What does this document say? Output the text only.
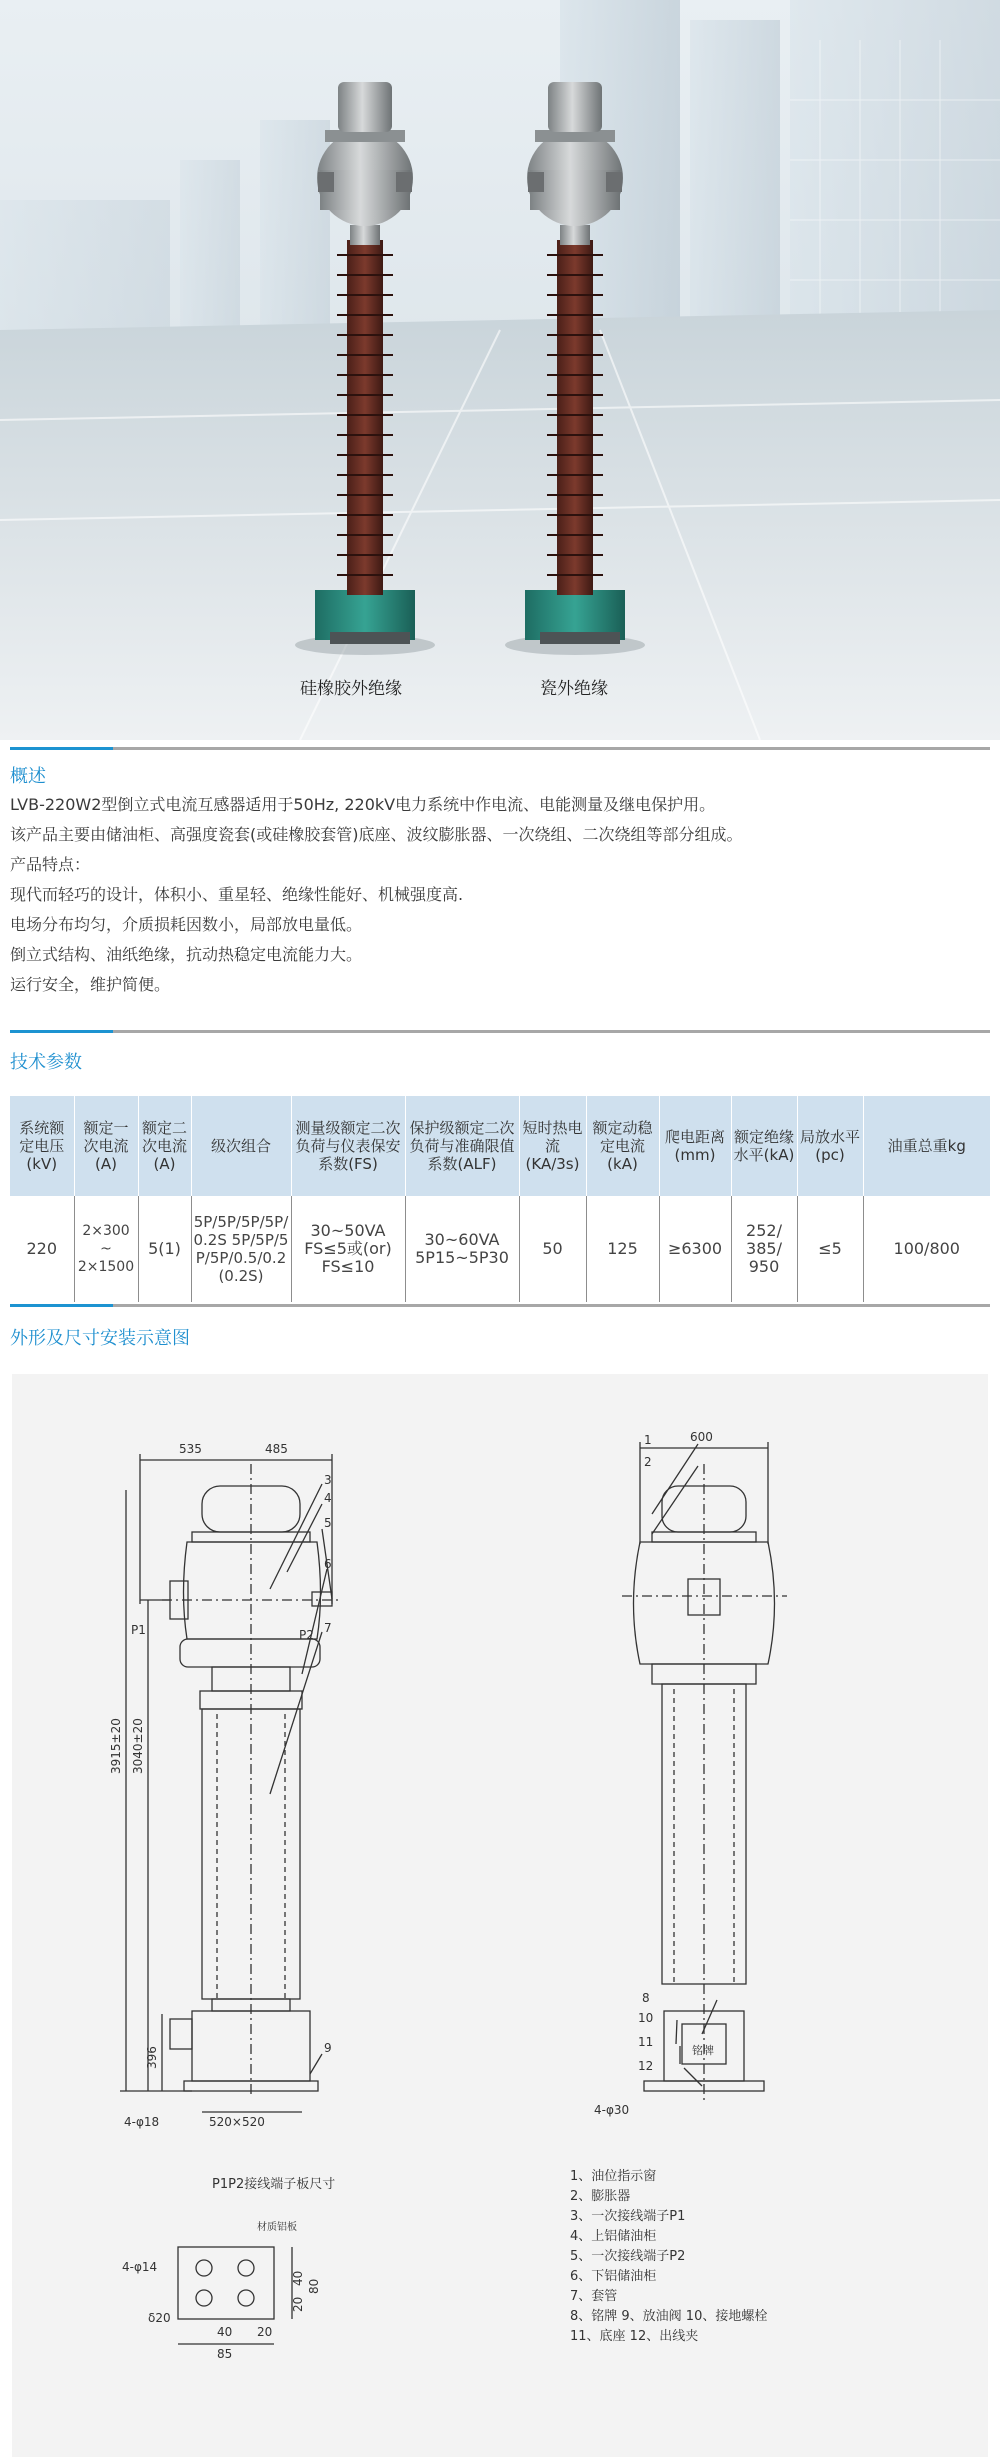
硅橡胶外绝缘	瓷外绝缘
概述
LVB-220W2型倒立式电流互感器适用于50Hz, 220kV电力系统中作电流、电能测量及继电保护用。
该产品主要由储油柜、高强度瓷套(或硅橡胶套管)底座、波纹膨胀器、一次绕组、二次绕组等部分组成。
产品特点：
现代而轻巧的设计，体积小、重星轻、绝缘性能好、机械强度高.
电场分布均匀，介质损耗因数小，局部放电量低。
倒立式结构、油纸绝缘，抗动热稳定电流能力大。
运行安全，维护简便。
技术参数
系统额定电压(kV)	额定一次电流(A)	额定二次电流(A)	级次组合	测量级额定二次负荷与仪表保安系数(FS)	保护级额定二次负荷与准确限值系数(ALF)	短时热电流(KA/3s)	额定动稳定电流(kA)	爬电距离(mm)	额定绝缘水平(kA)	局放水平(pc)	油重总重kg
220	2×300
~
2×1500	5(1)	5P/5P/5P/5P/0.2S 5P/5P/5P/5P/0.5/0.2 (0.2S)	30~50VA FS≤5或(or) FS≤10	30~60VA 5P15~5P30	50	125	≥6300	252/ 385/ 950	≤5	100/800
外形及尺寸安装示意图
535	485
600
P1	P2
3915±20 3040±20
396
520×520
4-φ18
4-φ30
铭牌
3
4
5
6
7
9
1
2
8
10
11
12
P1P2接线端子板尺寸
材质铝板
4-φ14
δ20
40 20
85
20
40
80
1、油位指示窗
2、膨胀器
3、一次接线端子P1
4、上铝储油柜
5、一次接线端子P2
6、下铝储油柜
7、套管
8、铭牌 9、放油阀 10、接地螺栓
11、底座 12、出线夹
